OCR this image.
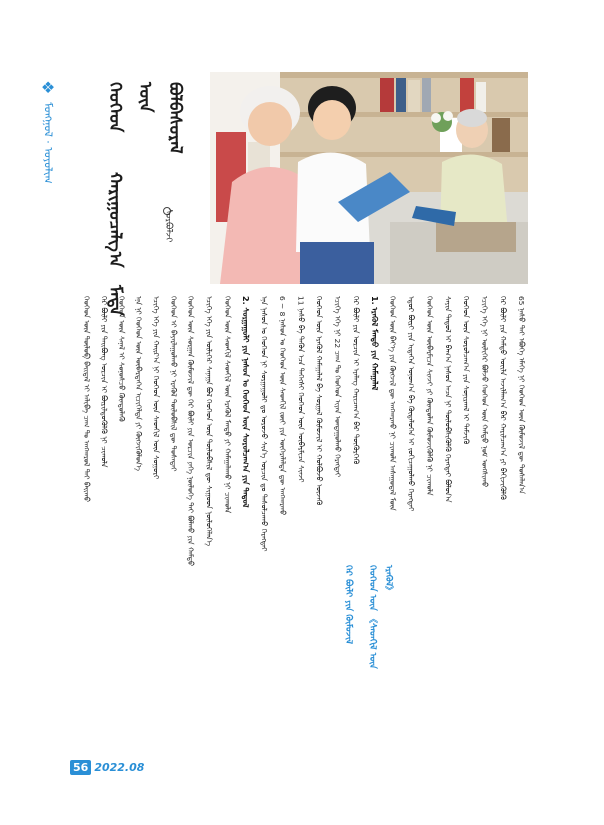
❖
ᠮᠣᠩᠭᠣᠯ · ᠤᠶᠤᠯᠢᠭ	ᠬᠡᠦᠬᠡᠳ ᠦᠨ ᠪᠣᠯᠪᠠᠰᠤᠷᠠᠯ
ᠬᠠᠷᠢᠭᠤᠴᠠᠯᠭ᠎ᠠ
ᠮᠡᠳᠡ
ᠰᠤᠷᠪᠤᠯᠵᠢ
ᠬᠡᠦᠬᠡᠳ ᠦᠨ ᠰᠤᠷᠭᠠᠨ ᠬᠦᠮᠦᠵᠢᠯ ᠳᠦ ᠭᠡᠷ ᠪᠦᠯᠢ ᠶᠢᠨ ᠤᠷᠴᠢᠨ ᠶᠡᠬᠡ ᠨᠥᠯᠦᠭᠡ ᠲᠡᠢ ᠪᠣᠯᠬᠤ ᠶᠢᠨ ᠬᠠᠮᠲᠤ ᠡᠴᠢᠭᠡ ᠡᠬᠡ ᠶᠢᠨ ᠦᠯᠢᠭᠡᠷ ᠰᠠᠨᠠᠭᠠ ᠪᠣᠯ ᠬᠡᠦᠬᠡᠳ ᠦᠨ ᠲᠥᠯᠦᠪᠰᠢᠯ ᠳᠦ ᠰᠢᠭᠤᠳ ᠨᠥᠯᠦᠭᠡᠯᠡᠨ᠎ᠡ ᠬᠡᠦᠬᠡᠳ ᠦᠨ ᠰᠡᠳᠬᠢᠯ ᠰᠡᠳᠬᠢᠯ ᠦᠨ ᠡᠷᠡᠭᠦᠯ ᠮᠡᠨᠳᠦ ᠶᠢ ᠬᠠᠮᠠᠭᠠᠯᠠᠬᠤ ᠨᠢ ᠴᠢᠬᠤᠯᠠ 2. ᠰᠤᠷᠭᠠᠭᠤᠯᠢ ᠶᠢᠨ ᠨᠠᠰᠤᠨ ᠤ ᠬᠡᠦᠬᠡᠳ ᠦᠨ ᠰᠤᠷᠤᠯᠴᠠᠭ᠎ᠠ ᠶᠢᠨ ᠳᠠᠳᠤᠯ ᠡᠨᠡ ᠨᠠᠰᠤᠨ ᠤ ᠬᠡᠦᠬᠡᠳ ᠨᠢ ᠰᠤᠷᠭᠠᠭᠤᠯᠢ ᠳᠤ ᠣᠷᠣᠵᠤ ᠰᠢᠨ᠎ᠡ ᠣᠷᠴᠢᠨ ᠳᠤ ᠳᠠᠰᠤᠯᠴᠠᠬᠤ ᠬᠡᠷᠡᠭᠲᠡᠢ 6 ~ 8 ᠨᠠᠰᠤᠨ ᠤ ᠬᠡᠦᠬᠡᠳ ᠦᠨ ᠰᠡᠳᠬᠢᠯ ᠵᠦᠢ ᠶᠢᠨ ᠥᠭᠡᠷᠡᠯᠡᠯᠲᠡ ᠳᠦ ᠠᠩᠬᠠᠷᠬᠤ 11 ᠨᠠᠰᠤ ᠪᠠ ᠲᠡᠭᠦᠨ ᠡᠴᠡ ᠳᠡᠭᠡᠭᠰᠢ ᠬᠡᠦᠬᠡᠳ ᠦᠨ ᠥᠪᠡᠷᠮᠢᠴᠡ ᠰᠢᠨᠵᠢ ᠬᠡᠦᠬᠡᠳ ᠦᠨ ᠡᠷᠡᠭᠦᠯ ᠬᠠᠮᠠᠭᠠᠯᠠᠯ ᠪᠠ ᠰᠤᠷᠭᠠᠯ ᠬᠦᠮᠦᠵᠢᠯ ᠢ ᠬᠣᠯᠪᠣᠵᠤ ᠦᠵᠡᠬᠦ ᠡᠴᠢᠭᠡ ᠡᠬᠡ ᠨᠢ 22 ᠴᠠᠭ ᠲᠤ ᠬᠡᠦᠬᠡᠳ ᠢᠶᠡᠨ ᠤᠨᠲᠠᠭᠤᠯᠬᠤ ᠬᠡᠷᠡᠭᠲᠡᠢ ᠭᠡᠷ ᠪᠦᠯᠢ ᠶᠢᠨ ᠤᠷᠴᠢᠨ ᠢ ᠡᠶᠡᠯᠡᠭ ᠬᠠᠷᠢᠴᠠᠭ᠎ᠠ ᠪᠠᠷ ᠳᠦᠭᠦᠷᠭᠡᠬᠦ 1. ᠡᠷᠡᠭᠦᠯ ᠮᠡᠨᠳᠦ ᠶᠢᠨ ᠬᠠᠮᠠᠭᠠᠯᠠᠯ ᠬᠡᠦᠬᠡᠳ ᠦᠨ ᠪᠡᠶ᠎ᠡ ᠶᠢᠨ ᠬᠥᠭᠵᠢᠯ ᠳᠦ ᠠᠩᠬᠠᠷᠬᠤ ᠨᠢ ᠴᠢᠬᠤᠯᠠ ᠠᠰᠠᠭᠤᠳᠠᠯ ᠮᠦᠨ ᠡᠳ᠋ᠦᠷ ᠪᠦᠷᠢ ᠶᠢᠨ ᠢᠳᠡᠭᠡᠨ ᠤᠨᠤᠭ᠎ᠠ ᠪᠠ ᠬᠥᠳᠡᠯᠦᠭᠡᠨ ᠢ ᠵᠣᠬᠢᠴᠠᠭᠤᠯᠬᠤ ᠬᠡᠷᠡᠭᠲᠡᠢ ᠬᠡᠦᠬᠡᠳ ᠦᠨ ᠥᠪᠡᠷᠮᠢᠴᠡ ᠰᠢᠨᠵᠢ ᠶᠢ ᠬᠦᠨᠳᠦᠯᠡᠨ ᠬᠦᠮᠦᠵᠢᠭᠦᠯᠬᠦ ᠨᠢ ᠴᠢᠬᠤᠯᠠ ᠰᠠᠶᠢᠨ ᠳᠠᠳᠤᠯ ᠢ ᠪᠠᠭ᠎ᠠ ᠨᠠᠰᠤᠨ ᠠᠴᠠ ᠨᠢ ᠲᠥᠯᠦᠪᠰᠢᠭᠦᠯᠬᠦ ᠬᠡᠷᠡᠭᠲᠡᠢ ᠪᠣᠯᠤᠨ᠎ᠠ ᠬᠡᠦᠬᠡᠳ ᠦᠨ ᠰᠤᠷᠤᠯᠴᠠᠭ᠎ᠠ ᠶᠢᠨ ᠰᠣᠨᠢᠷᠬᠠᠯ ᠢ ᠳᠡᠮᠵᠢᠬᠦ ᠡᠴᠢᠭᠡ ᠡᠬᠡ ᠨᠢ ᠦᠯᠢᠭᠡᠷ ᠪᠣᠯᠵᠤ ᠬᠡᠦᠬᠡᠳ ᠦᠨ ᠬᠠᠮᠲᠤ ᠨᠣᠮ ᠤᠩᠰᠢᠬᠤ ᠭᠡᠷ ᠪᠦᠯᠢ ᠶᠢᠨ ᠬᠠᠮᠲᠤ ᠦᠢᠯᠡ ᠠᠵᠢᠯᠯᠠᠭ᠎ᠠ ᠪᠠᠷ ᠬᠠᠷᠢᠯᠴᠠᠭ᠎ᠠ ᠶᠢ ᠪᠡᠬᠢᠵᠢᠭᠦᠯᠬᠦ 65 ᠨᠠᠰᠤ ᠲᠠᠢ ᠡᠪᠦᠭᠡ ᠡᠮᠡᠭᠡ ᠨᠢ ᠬᠡᠦᠬᠡᠳ ᠦᠨ ᠬᠦᠮᠦᠵᠢᠯ ᠳᠦ ᠲᠤᠰᠠᠯᠠᠨ᠎ᠠ
ᠬᠡᠦᠬᠡᠳ ᠦᠨ ᠲᠥᠯᠦᠪ ᠪᠠᠢᠳᠠᠯ ᠢ ᠠᠯᠢᠪᠠ ᠴᠠᠭ ᠲᠤ ᠠᠩᠬᠠᠷᠤᠯ ᠲᠠᠢ ᠪᠠᠢᠬᠤ ᠭᠡᠷ ᠪᠦᠯᠢ ᠶᠢᠨ ᠲᠠᠢᠪᠤᠩ ᠤᠷᠴᠢᠨ ᠢ ᠪᠦᠷᠢᠯᠳᠦᠭᠦᠯᠬᠦ ᠨᠢ ᠴᠢᠬᠤᠯᠠ ᠬᠡᠦᠬᠡᠳ ᠦᠨ ᠰᠠᠨᠠᠯ ᠢ ᠰᠣᠨᠣᠰᠴᠤ ᠬᠦᠨᠳᠦᠯᠡᠬᠦ ᠡᠨᠡ ᠨᠢ ᠬᠡᠦᠬᠡᠳ ᠦᠨ ᠥᠪᠡᠷᠲᠡᠭᠡᠨ ᠢᠴᠢᠭᠡᠯᠲᠡ ᠶᠢ ᠬᠥᠭᠵᠢᠭᠦᠯᠦᠨ᠎ᠡ ᠡᠴᠢᠭᠡ ᠡᠬᠡ ᠶᠢᠨ ᠬᠠᠢᠷ᠎ᠠ ᠨᠢ ᠬᠡᠦᠬᠡᠳ ᠦᠨ ᠰᠡᠳᠬᠢᠯ ᠦᠨ ᠰᠤᠭᠤᠷᠢ ᠬᠡᠦᠬᠡᠳ ᠢ ᠪᠠᠶᠠᠷᠯᠠᠭᠤᠯᠬᠤ ᠨᠢ ᠡᠷᠡᠭᠦᠯ ᠲᠥᠯᠦᠪᠰᠢᠯ ᠳᠦ ᠲᠤᠰᠠᠲᠠᠢ
ᠭᠡᠷ ᠪᠦᠯᠢ ᠶᠢᠨ ᠬᠦᠮᠦᠵᠢᠯ	ᠬᠡᠦᠬᠡᠳ ᠦᠨ 《ᠰᠡᠳᠬᠢᠯ ᠦᠨ ᠡᠷᠡᠭᠦᠯ》
56 2022.08
